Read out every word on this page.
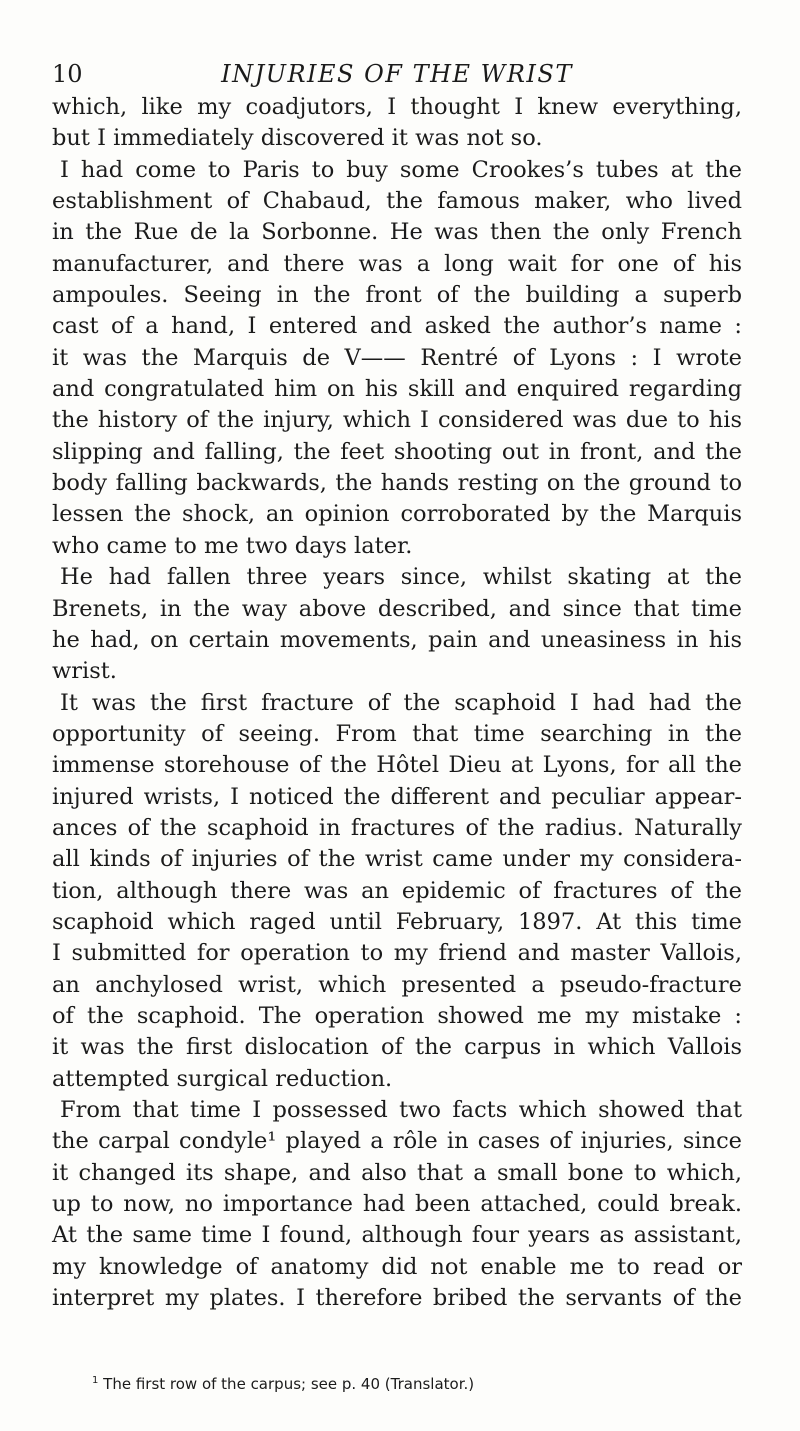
10	INJURIES OF THE WRIST
which, like my coadjutors, I thought I knew everything,
but I immediately discovered it was not so.
I had come to Paris to buy some Crookes’s tubes at the
establishment of Chabaud, the famous maker, who lived
in the Rue de la Sorbonne. He was then the only French
manufacturer, and there was a long wait for one of his
ampoules. Seeing in the front of the building a superb
cast of a hand, I entered and asked the author’s name :
it was the Marquis de V—— Rentré of Lyons : I wrote
and congratulated him on his skill and enquired regarding
the history of the injury, which I considered was due to his
slipping and falling, the feet shooting out in front, and the
body falling backwards, the hands resting on the ground to
lessen the shock, an opinion corroborated by the Marquis
who came to me two days later.
He had fallen three years since, whilst skating at the
Brenets, in the way above described, and since that time
he had, on certain movements, pain and uneasiness in his
wrist.
It was the first fracture of the scaphoid I had had the
opportunity of seeing. From that time searching in the
immense storehouse of the Hôtel Dieu at Lyons, for all the
injured wrists, I noticed the different and peculiar appear-
ances of the scaphoid in fractures of the radius. Naturally
all kinds of injuries of the wrist came under my considera-
tion, although there was an epidemic of fractures of the
scaphoid which raged until February, 1897. At this time
I submitted for operation to my friend and master Vallois,
an anchylosed wrist, which presented a pseudo-fracture
of the scaphoid. The operation showed me my mistake :
it was the first dislocation of the carpus in which Vallois
attempted surgical reduction.
From that time I possessed two facts which showed that
the carpal condyle¹ played a rôle in cases of injuries, since
it changed its shape, and also that a small bone to which,
up to now, no importance had been attached, could break.
At the same time I found, although four years as assistant,
my knowledge of anatomy did not enable me to read or
interpret my plates. I therefore bribed the servants of the
$^1$ The first row of the carpus; see p. 40 (Translator.)
